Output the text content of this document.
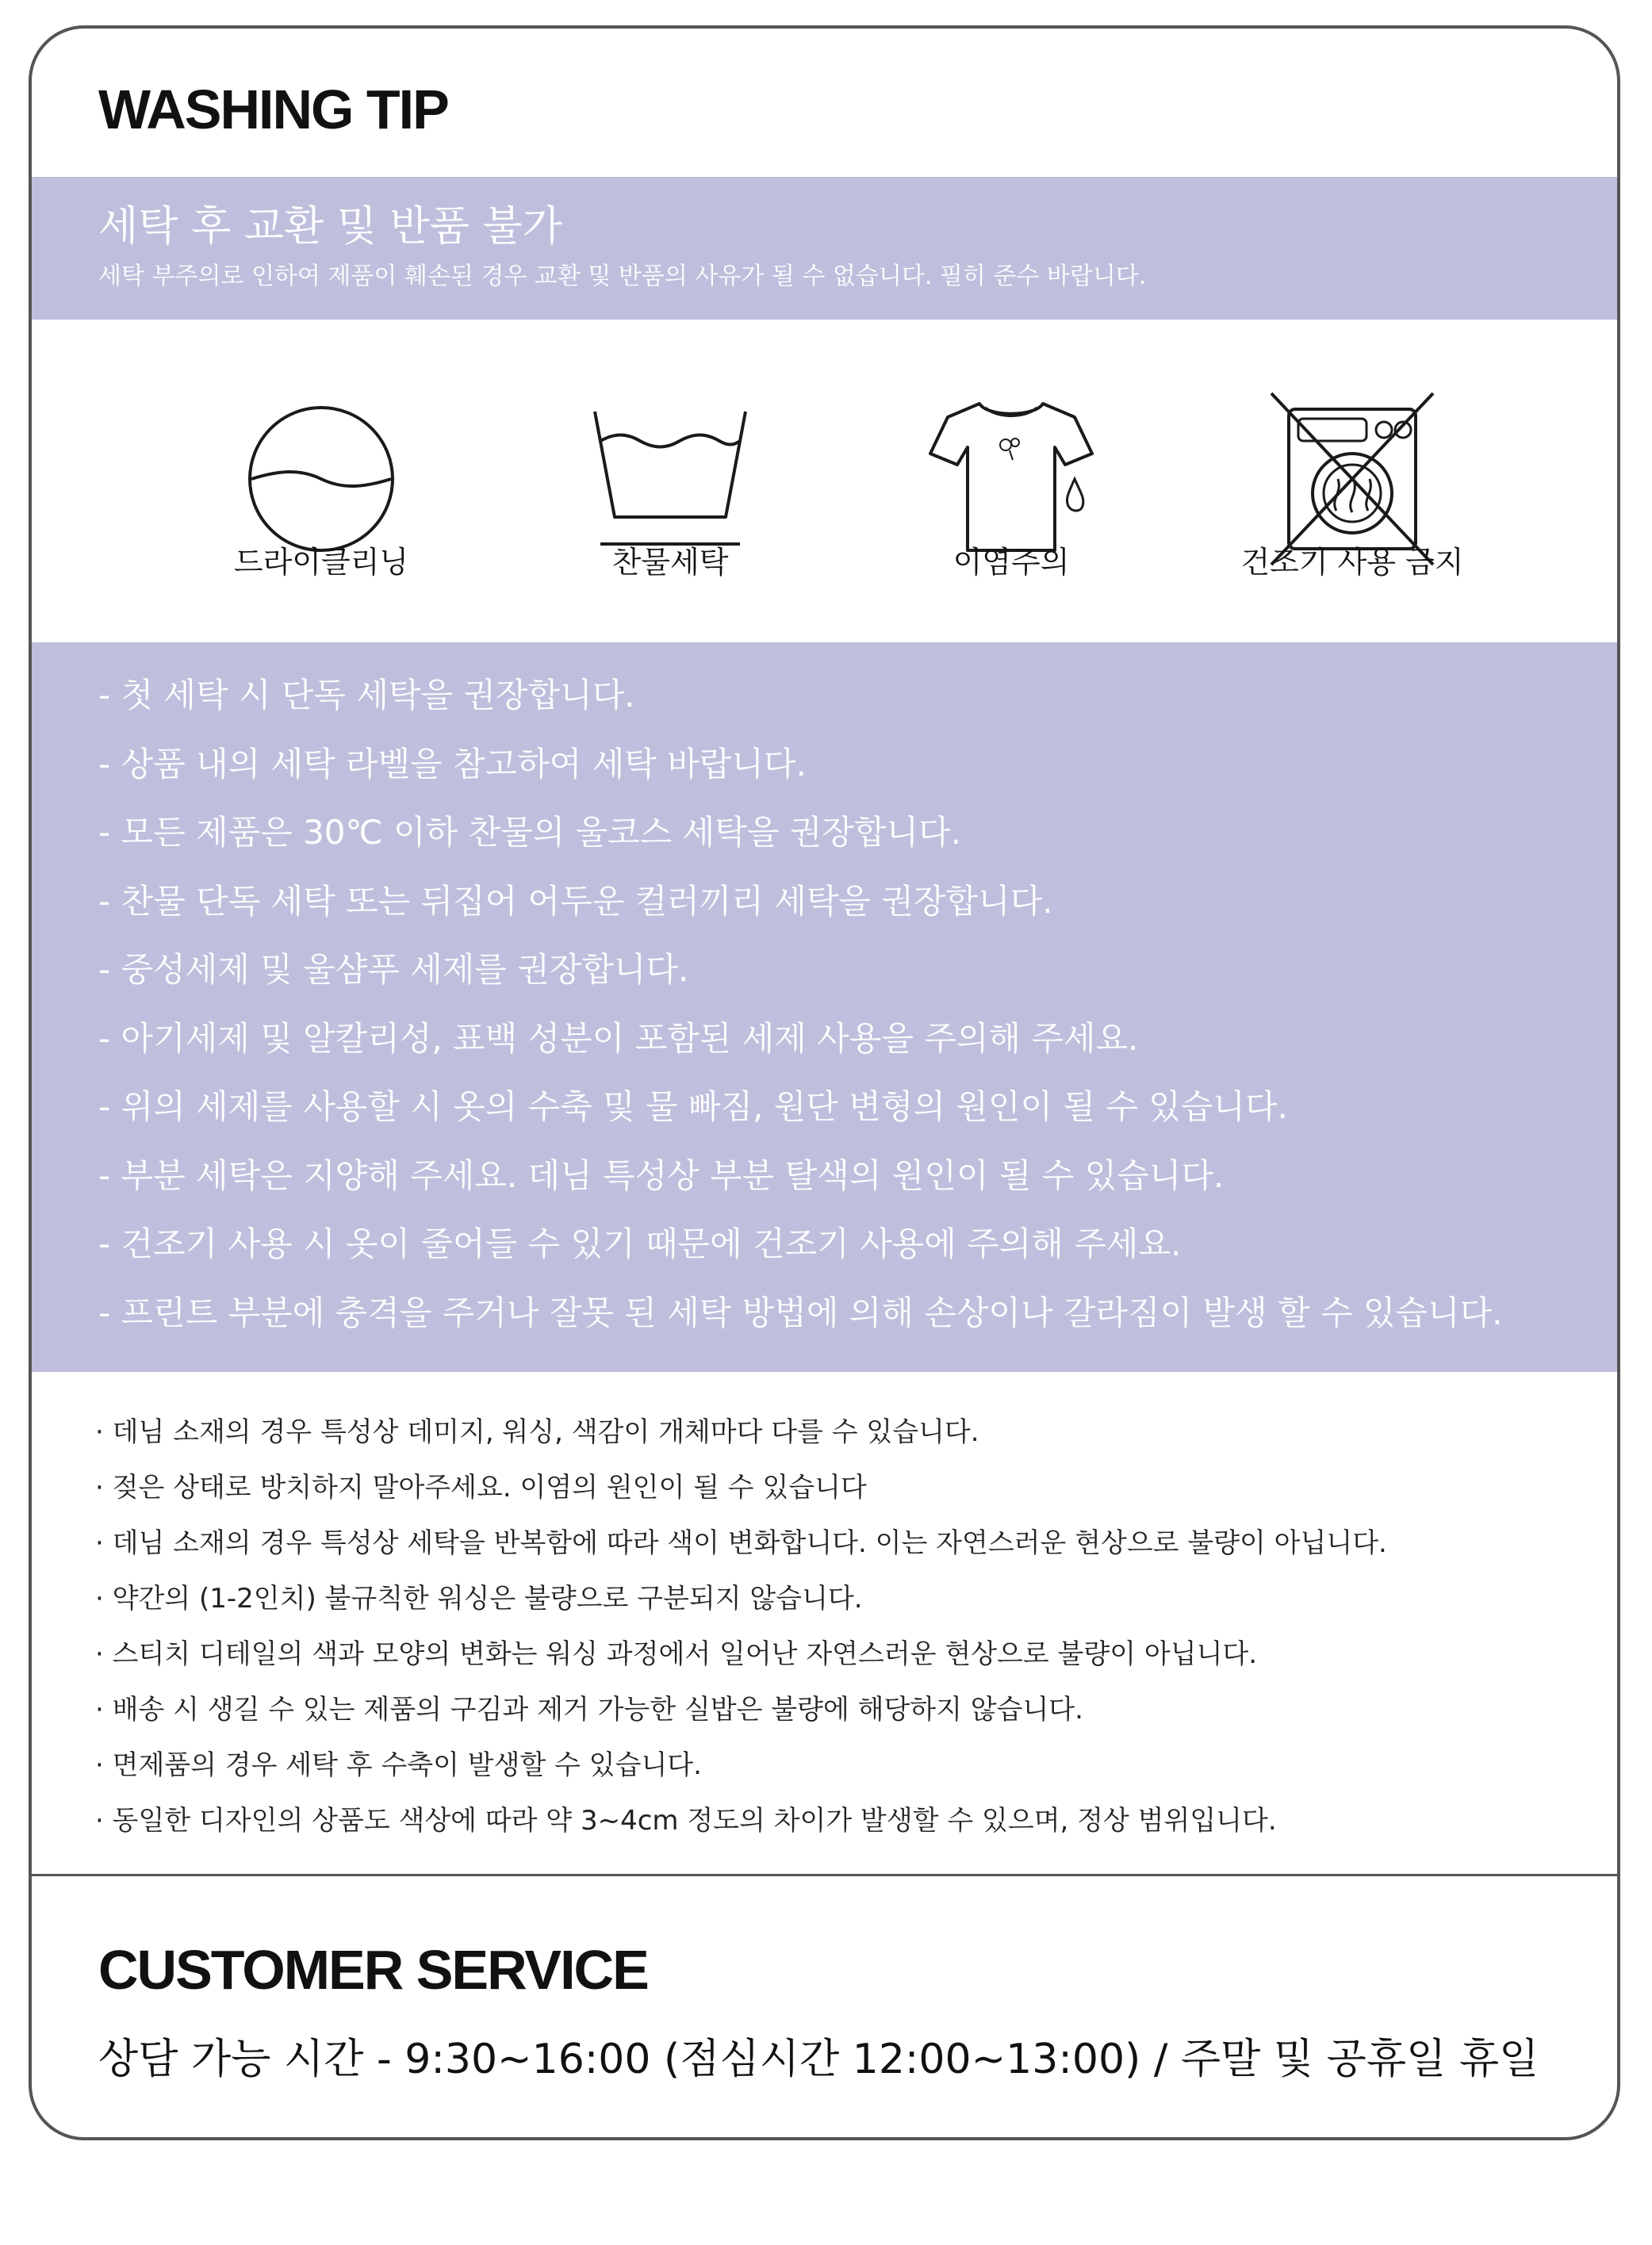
WASHING TIP
세탁 후 교환 및 반품 불가

세탁 부주의로 인하여 제품이 훼손된 경우 교환 및 반품의 사유가 될 수 없습니다. 필히 준수 바랍니다.

드라이클리닝	찬물세탁	이염주의	건조기 사용 금지
- 첫 세탁 시 단독 세탁을 권장합니다.
- 상품 내의 세탁 라벨을 참고하여 세탁 바랍니다.
- 모든 제품은 30℃ 이하 찬물의 울코스 세탁을 권장합니다.
- 찬물 단독 세탁 또는 뒤집어 어두운 컬러끼리 세탁을 권장합니다.
- 중성세제 및 울샴푸 세제를 권장합니다.
- 아기세제 및 알칼리성, 표백 성분이 포함된 세제 사용을 주의해 주세요.
- 위의 세제를 사용할 시 옷의 수축 및 물 빠짐, 원단 변형의 원인이 될 수 있습니다.
- 부분 세탁은 지양해 주세요. 데님 특성상 부분 탈색의 원인이 될 수 있습니다.
- 건조기 사용 시 옷이 줄어들 수 있기 때문에 건조기 사용에 주의해 주세요.
- 프린트 부분에 충격을 주거나 잘못 된 세탁 방법에 의해 손상이나 갈라짐이 발생 할 수 있습니다.
· 데님 소재의 경우 특성상 데미지, 워싱, 색감이 개체마다 다를 수 있습니다.
· 젖은 상태로 방치하지 말아주세요. 이염의 원인이 될 수 있습니다
· 데님 소재의 경우 특성상 세탁을 반복함에 따라 색이 변화합니다. 이는 자연스러운 현상으로 불량이 아닙니다.
· 약간의 (1-2인치) 불규칙한 워싱은 불량으로 구분되지 않습니다.
· 스티치 디테일의 색과 모양의 변화는 워싱 과정에서 일어난 자연스러운 현상으로 불량이 아닙니다.
· 배송 시 생길 수 있는 제품의 구김과 제거 가능한 실밥은 불량에 해당하지 않습니다.
· 면제품의 경우 세탁 후 수축이 발생할 수 있습니다.
· 동일한 디자인의 상품도 색상에 따라 약 3~4cm 정도의 차이가 발생할 수 있으며, 정상 범위입니다.
CUSTOMER SERVICE

상담 가능 시간 - 9:30~16:00 (점심시간 12:00~13:00) / 주말 및 공휴일 휴일
